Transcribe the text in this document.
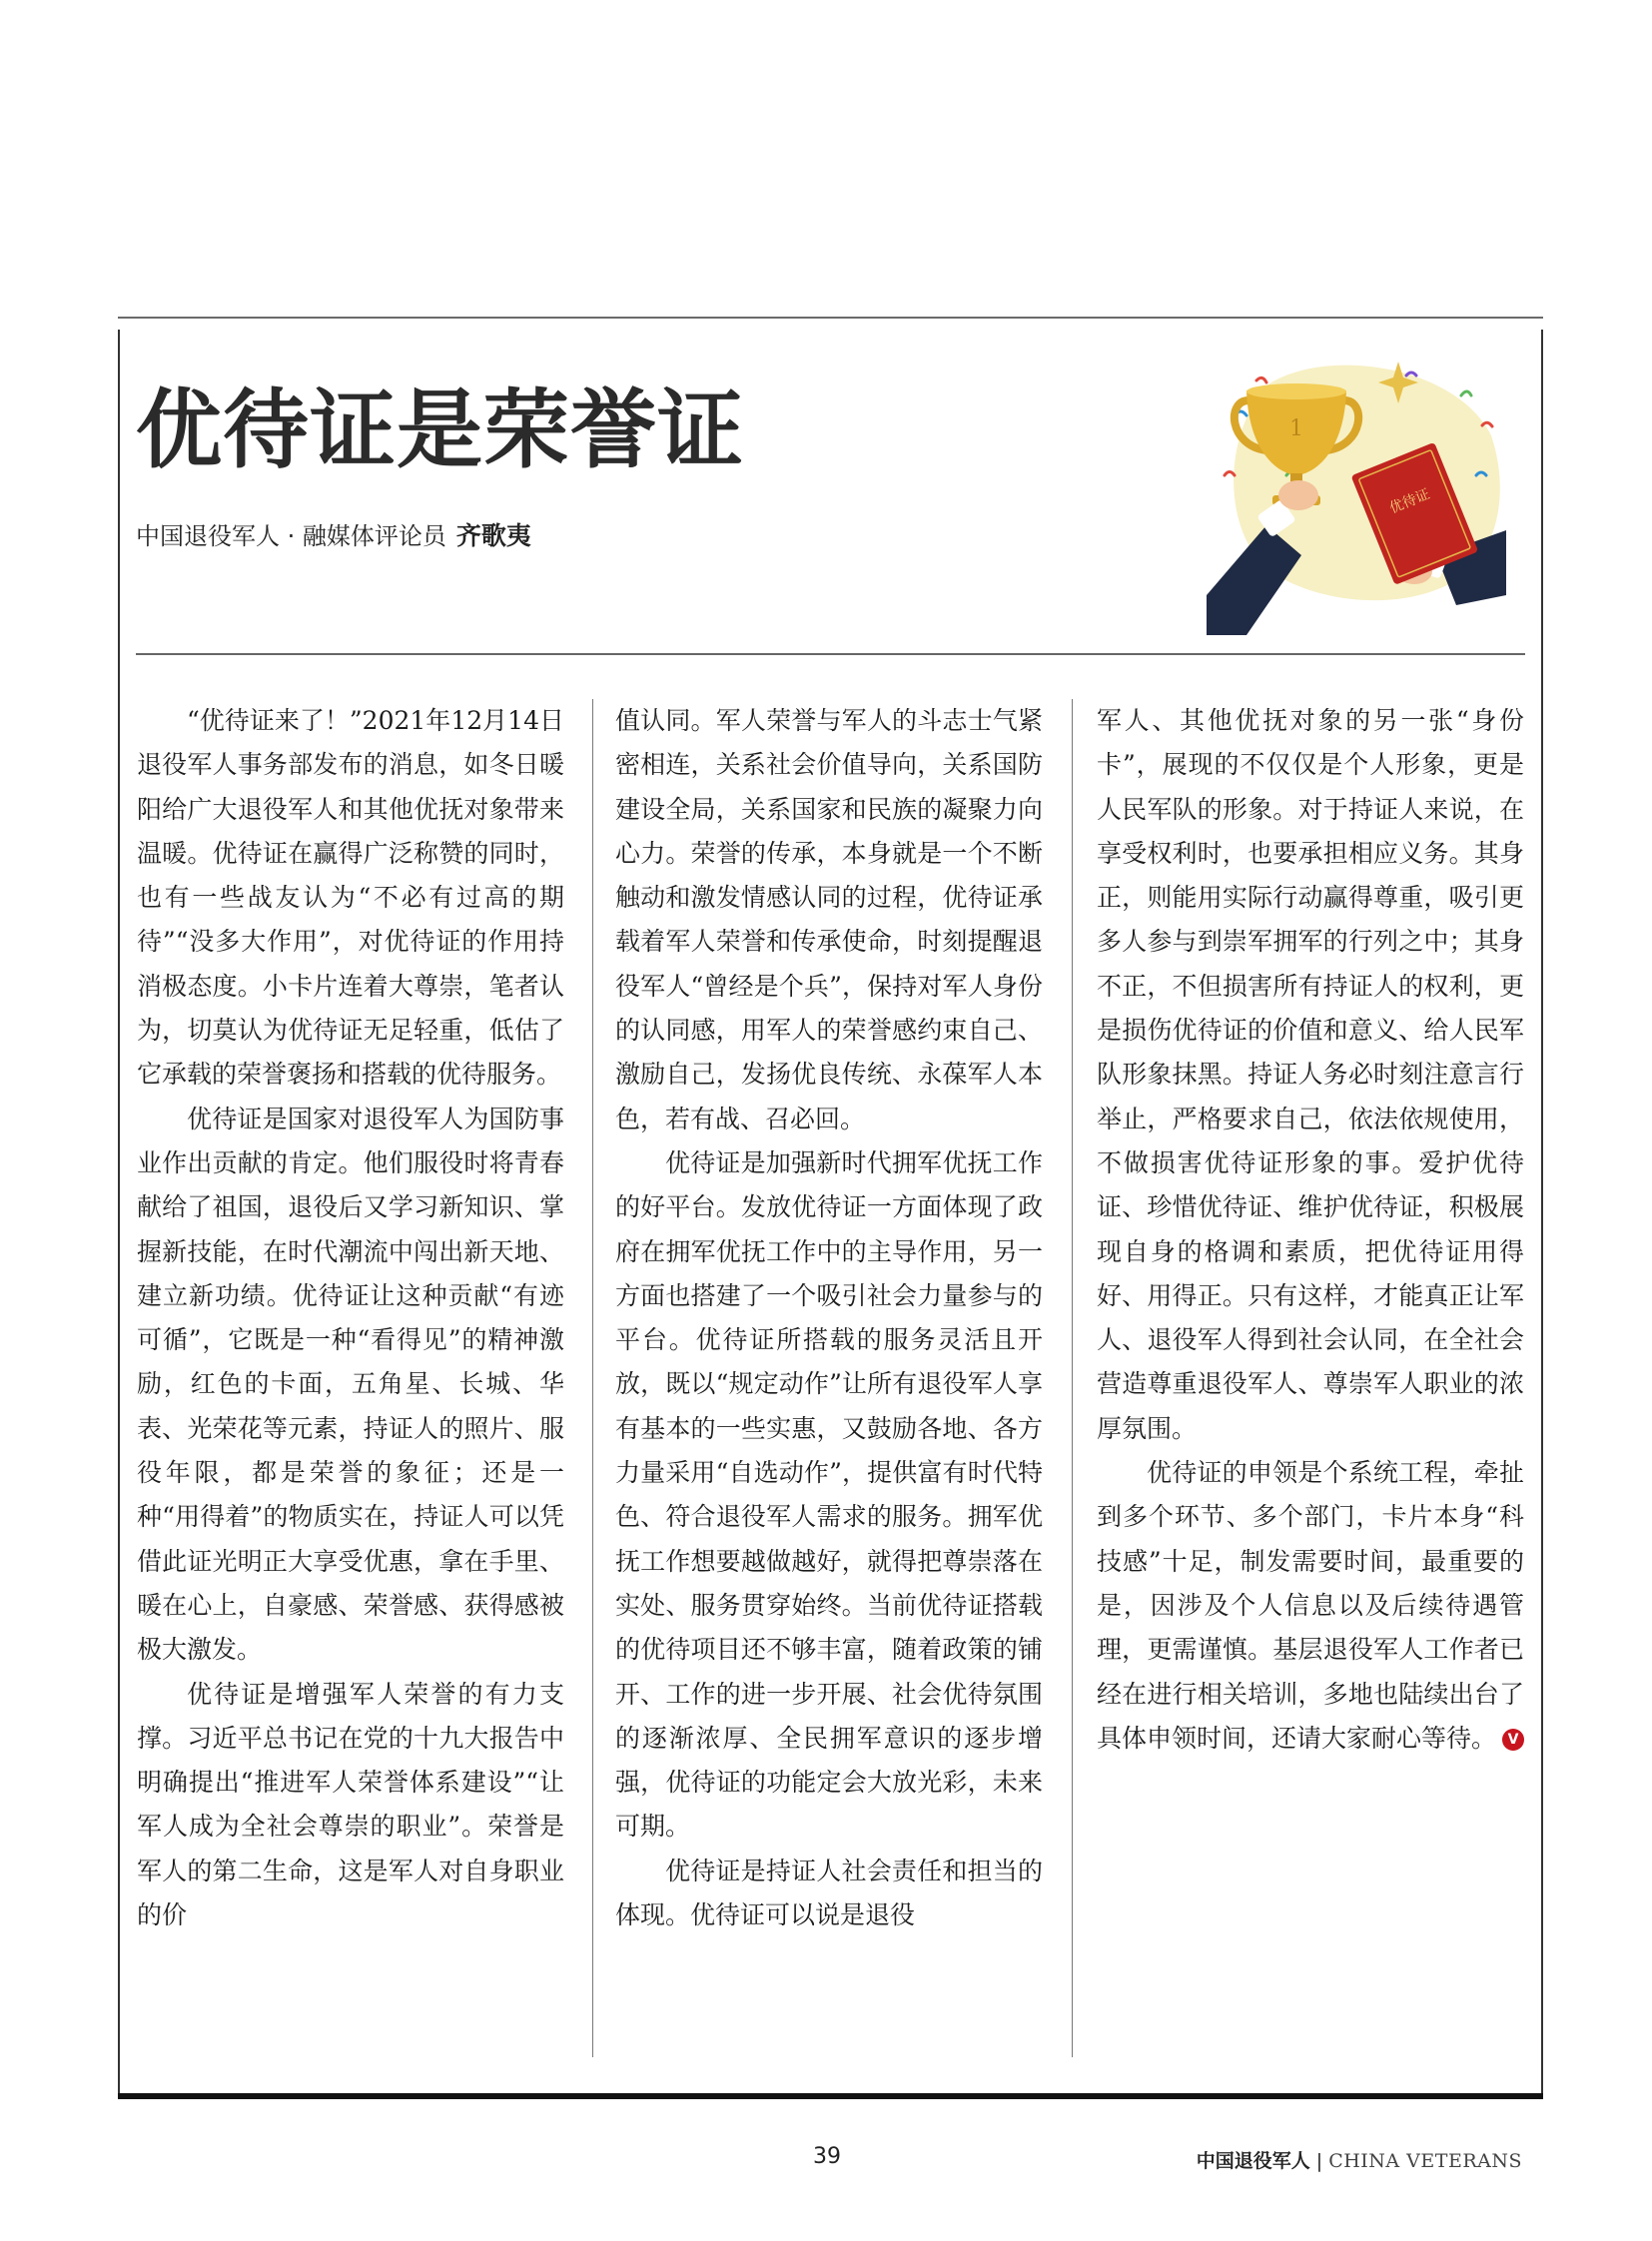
优待证是荣誉证
中国退役军人 · 融媒体评论员 齐歌夷
1
优待证

“优待证来了！”2021年12月14日退役军人事务部发布的消息，如冬日暖阳给广大退役军人和其他优抚对象带来温暖。优待证在赢得广泛称赞的同时，也有一些战友认为“不必有过高的期待”“没多大作用”，对优待证的作用持消极态度。小卡片连着大尊崇，笔者认为，切莫认为优待证无足轻重，低估了它承载的荣誉褒扬和搭载的优待服务。

优待证是国家对退役军人为国防事业作出贡献的肯定。他们服役时将青春献给了祖国，退役后又学习新知识、掌握新技能，在时代潮流中闯出新天地、建立新功绩。优待证让这种贡献“有迹可循”，它既是一种“看得见”的精神激励，红色的卡面，五角星、长城、华表、光荣花等元素，持证人的照片、服役年限，都是荣誉的象征；还是一种“用得着”的物质实在，持证人可以凭借此证光明正大享受优惠，拿在手里、暖在心上，自豪感、荣誉感、获得感被极大激发。

优待证是增强军人荣誉的有力支撑。习近平总书记在党的十九大报告中明确提出“推进军人荣誉体系建设”“让军人成为全社会尊崇的职业”。荣誉是军人的第二生命，这是军人对自身职业的价

值认同。军人荣誉与军人的斗志士气紧密相连，关系社会价值导向，关系国防建设全局，关系国家和民族的凝聚力向心力。荣誉的传承，本身就是一个不断触动和激发情感认同的过程，优待证承载着军人荣誉和传承使命，时刻提醒退役军人“曾经是个兵”，保持对军人身份的认同感，用军人的荣誉感约束自己、激励自己，发扬优良传统、永葆军人本色，若有战、召必回。

优待证是加强新时代拥军优抚工作的好平台。发放优待证一方面体现了政府在拥军优抚工作中的主导作用，另一方面也搭建了一个吸引社会力量参与的平台。优待证所搭载的服务灵活且开放，既以“规定动作”让所有退役军人享有基本的一些实惠，又鼓励各地、各方力量采用“自选动作”，提供富有时代特色、符合退役军人需求的服务。拥军优抚工作想要越做越好，就得把尊崇落在实处、服务贯穿始终。当前优待证搭载的优待项目还不够丰富，随着政策的铺开、工作的进一步开展、社会优待氛围的逐渐浓厚、全民拥军意识的逐步增强，优待证的功能定会大放光彩，未来可期。

优待证是持证人社会责任和担当的体现。优待证可以说是退役

军人、其他优抚对象的另一张“身份卡”，展现的不仅仅是个人形象，更是人民军队的形象。对于持证人来说，在享受权利时，也要承担相应义务。其身正，则能用实际行动赢得尊重，吸引更多人参与到崇军拥军的行列之中；其身不正，不但损害所有持证人的权利，更是损伤优待证的价值和意义、给人民军队形象抹黑。持证人务必时刻注意言行举止，严格要求自己，依法依规使用，不做损害优待证形象的事。爱护优待证、珍惜优待证、维护优待证，积极展现自身的格调和素质，把优待证用得好、用得正。只有这样，才能真正让军人、退役军人得到社会认同，在全社会营造尊重退役军人、尊崇军人职业的浓厚氛围。

优待证的申领是个系统工程，牵扯到多个环节、多个部门，卡片本身“科技感”十足，制发需要时间，最重要的是，因涉及个人信息以及后续待遇管理，更需谨慎。基层退役军人工作者已经在进行相关培训，多地也陆续出台了具体申领时间，还请大家耐心等待。 V

39	中国退役军人 | CHINA VETERANS
